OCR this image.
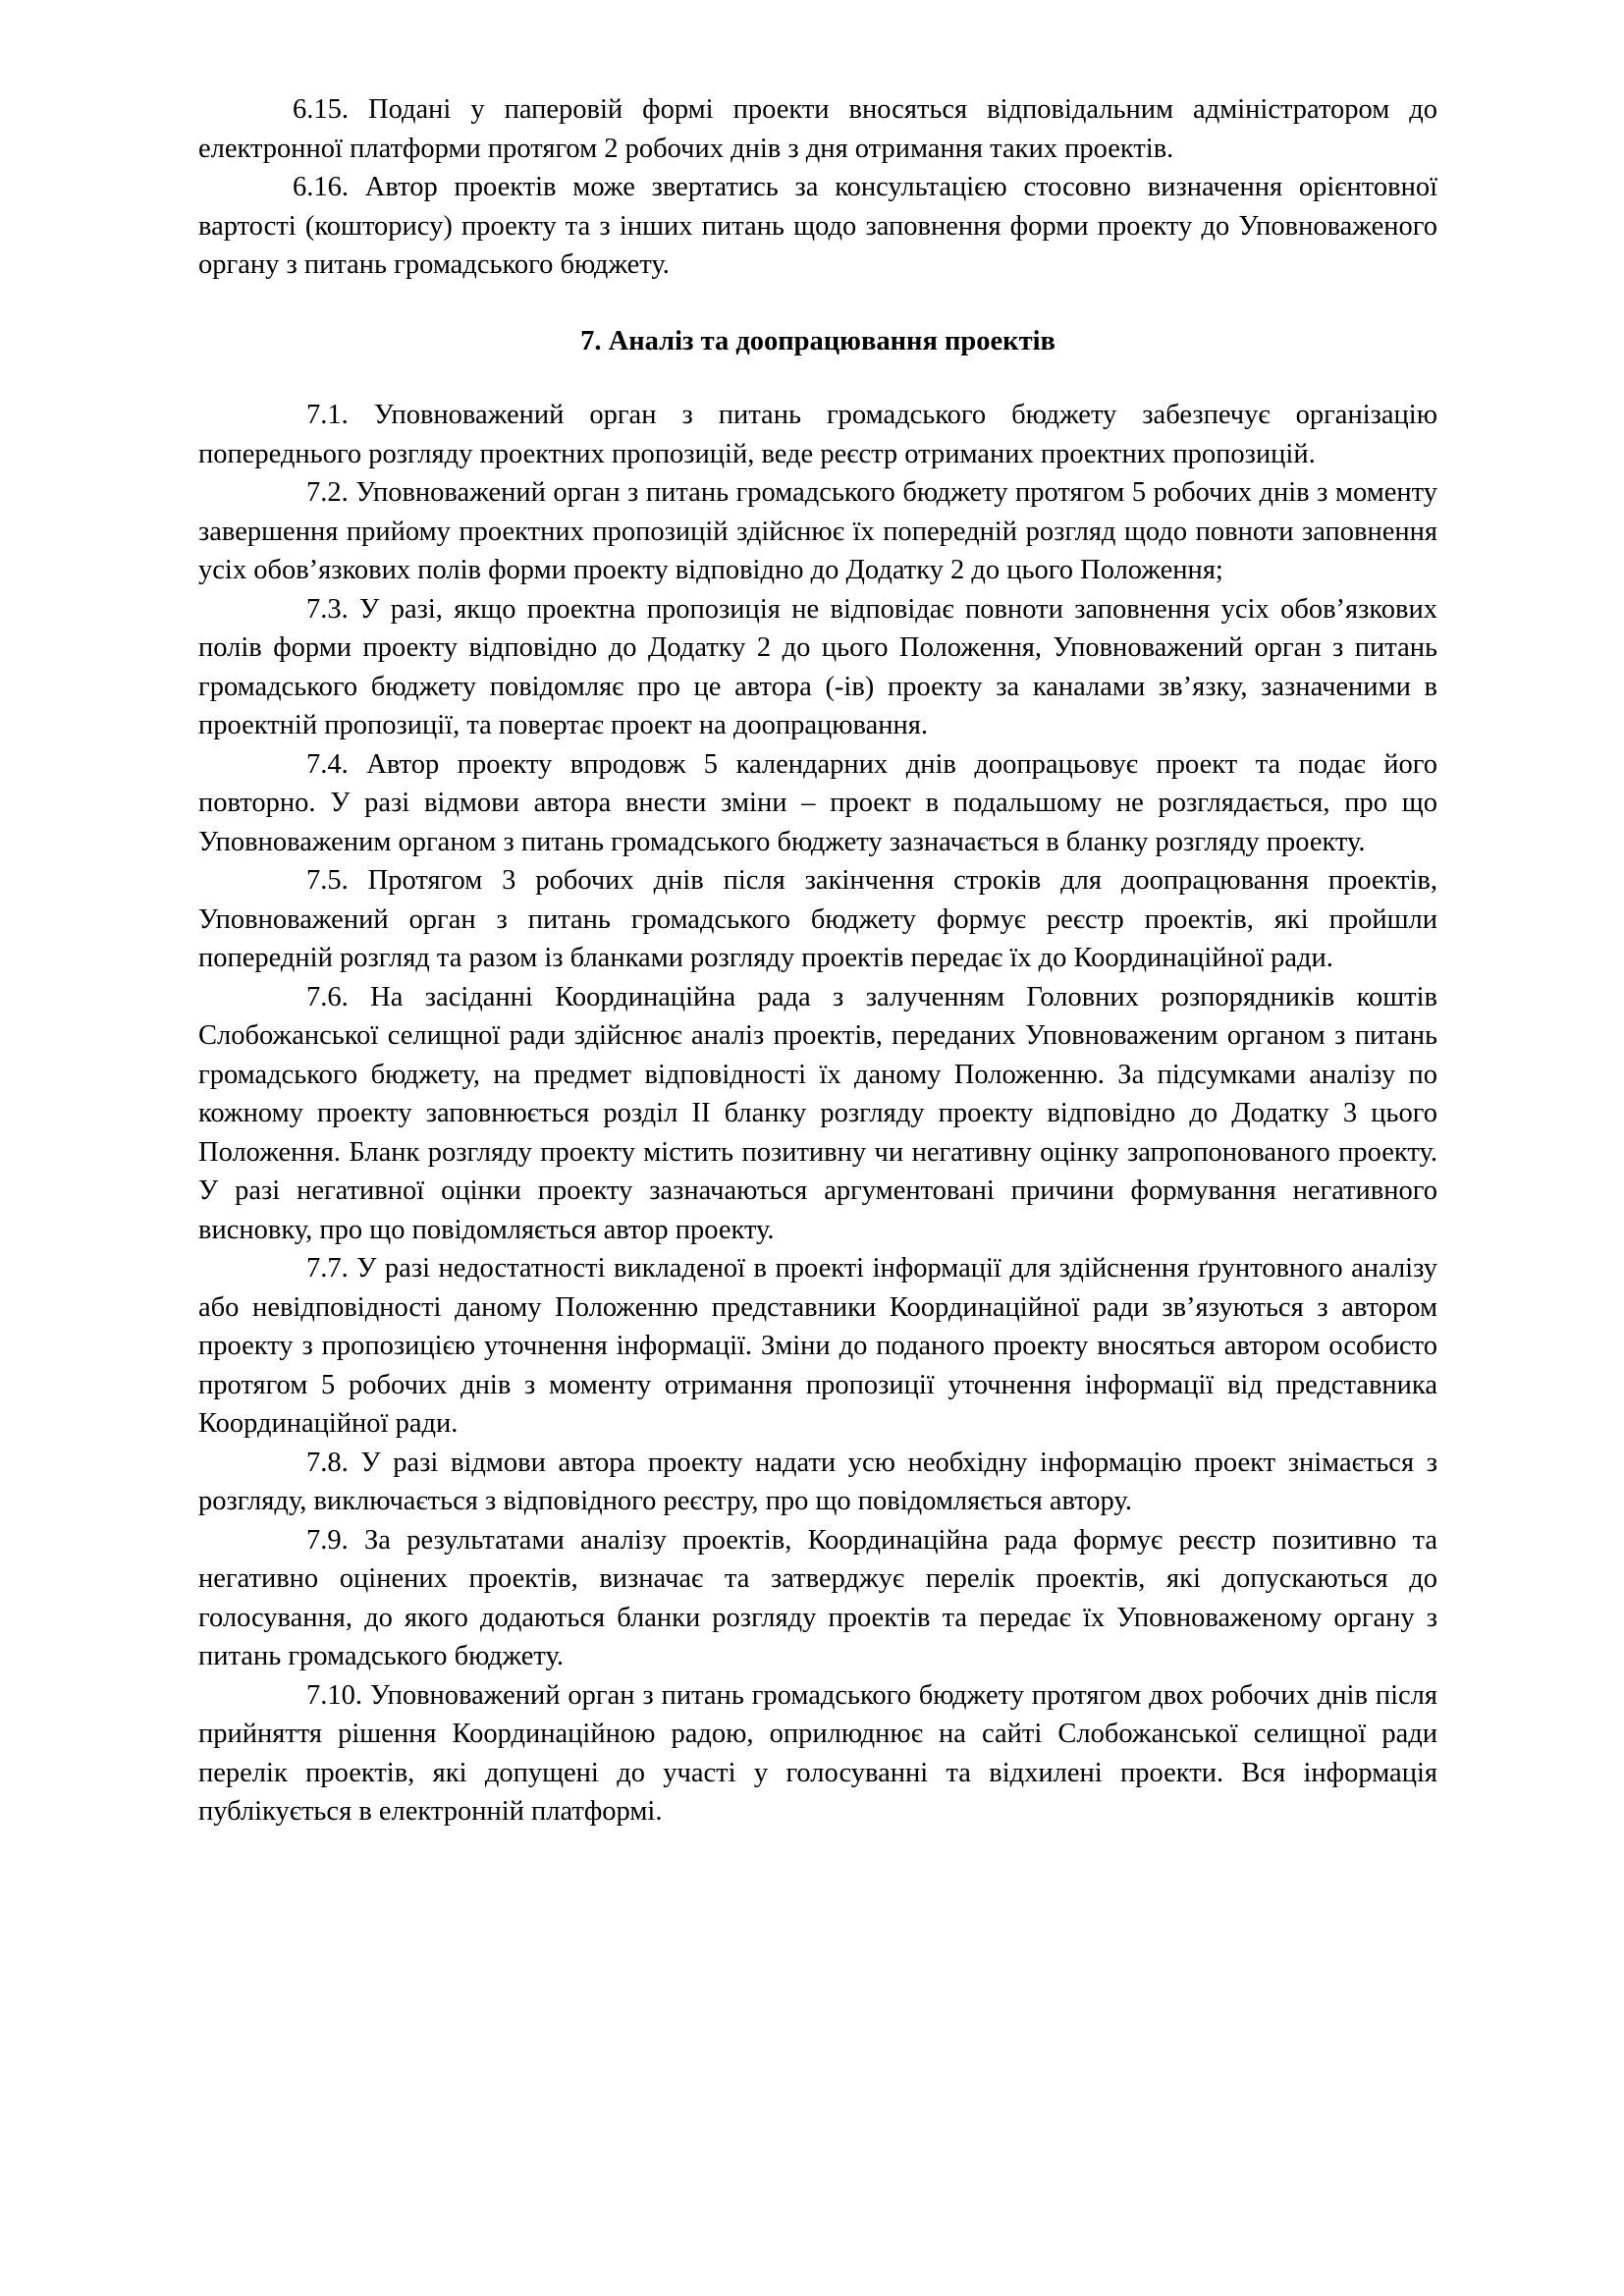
6.15. Подані у паперовій формі проекти вносяться відповідальним адміністратором до електронної платформи протягом 2 робочих днів з дня отримання таких проектів.

6.16. Автор проектів може звертатись за консультацією стосовно визначення орієнтовної вартості (кошторису) проекту та з інших питань щодо заповнення форми проекту до Уповноваженого органу з питань громадського бюджету.

7. Аналіз та доопрацювання проектів

7.1. Уповноважений орган з питань громадського бюджету забезпечує організацію попереднього розгляду проектних пропозицій, веде реєстр отриманих проектних пропозицій.

7.2. Уповноважений орган з питань громадського бюджету протягом 5 робочих днів з моменту завершення прийому проектних пропозицій здійснює їх попередній розгляд щодо повноти заповнення усіх обов’язкових полів форми проекту відповідно до Додатку 2 до цього Положення;

7.3. У разі, якщо проектна пропозиція не відповідає повноти заповнення усіх обов’язкових полів форми проекту відповідно до Додатку 2 до цього Положення, Уповноважений орган з питань громадського бюджету повідомляє про це автора (-ів) проекту за каналами зв’язку, зазначеними в проектній пропозиції, та повертає проект на доопрацювання.

7.4. Автор проекту впродовж 5 календарних днів доопрацьовує проект та подає його повторно. У разі відмови автора внести зміни – проект в подальшому не розглядається, про що Уповноваженим органом з питань громадського бюджету зазначається в бланку розгляду проекту.

7.5. Протягом 3 робочих днів після закінчення строків для доопрацювання проектів, Уповноважений орган з питань громадського бюджету формує реєстр проектів, які пройшли попередній розгляд та разом із бланками розгляду проектів передає їх до Координаційної ради.

7.6. На засіданні Координаційна рада з залученням Головних розпорядників коштів Слобожанської селищної ради здійснює аналіз проектів, переданих Уповноваженим органом з питань громадського бюджету, на предмет відповідності їх даному Положенню. За підсумками аналізу по кожному проекту заповнюється розділ ІІ бланку розгляду проекту відповідно до Додатку 3 цього Положення. Бланк розгляду проекту містить позитивну чи негативну оцінку запропонованого проекту. У разі негативної оцінки проекту зазначаються аргументовані причини формування негативного висновку, про що повідомляється автор проекту.

7.7. У разі недостатності викладеної в проекті інформації для здійснення ґрунтовного аналізу або невідповідності даному Положенню представники Координаційної ради зв’язуються з автором проекту з пропозицією уточнення інформації. Зміни до поданого проекту вносяться автором особисто протягом 5 робочих днів з моменту отримання пропозиції уточнення інформації від представника Координаційної ради.

7.8. У разі відмови автора проекту надати усю необхідну інформацію проект знімається з розгляду, виключається з відповідного реєстру, про що повідомляється автору.

7.9. За результатами аналізу проектів, Координаційна рада формує реєстр позитивно та негативно оцінених проектів, визначає та затверджує перелік проектів, які допускаються до голосування, до якого додаються бланки розгляду проектів та передає їх Уповноваженому органу з питань громадського бюджету.

7.10. Уповноважений орган з питань громадського бюджету протягом двох робочих днів після прийняття рішення Координаційною радою, оприлюднює на сайті Слобожанської селищної ради перелік проектів, які допущені до участі у голосуванні та відхилені проекти. Вся інформація публікується в електронній платформі.
